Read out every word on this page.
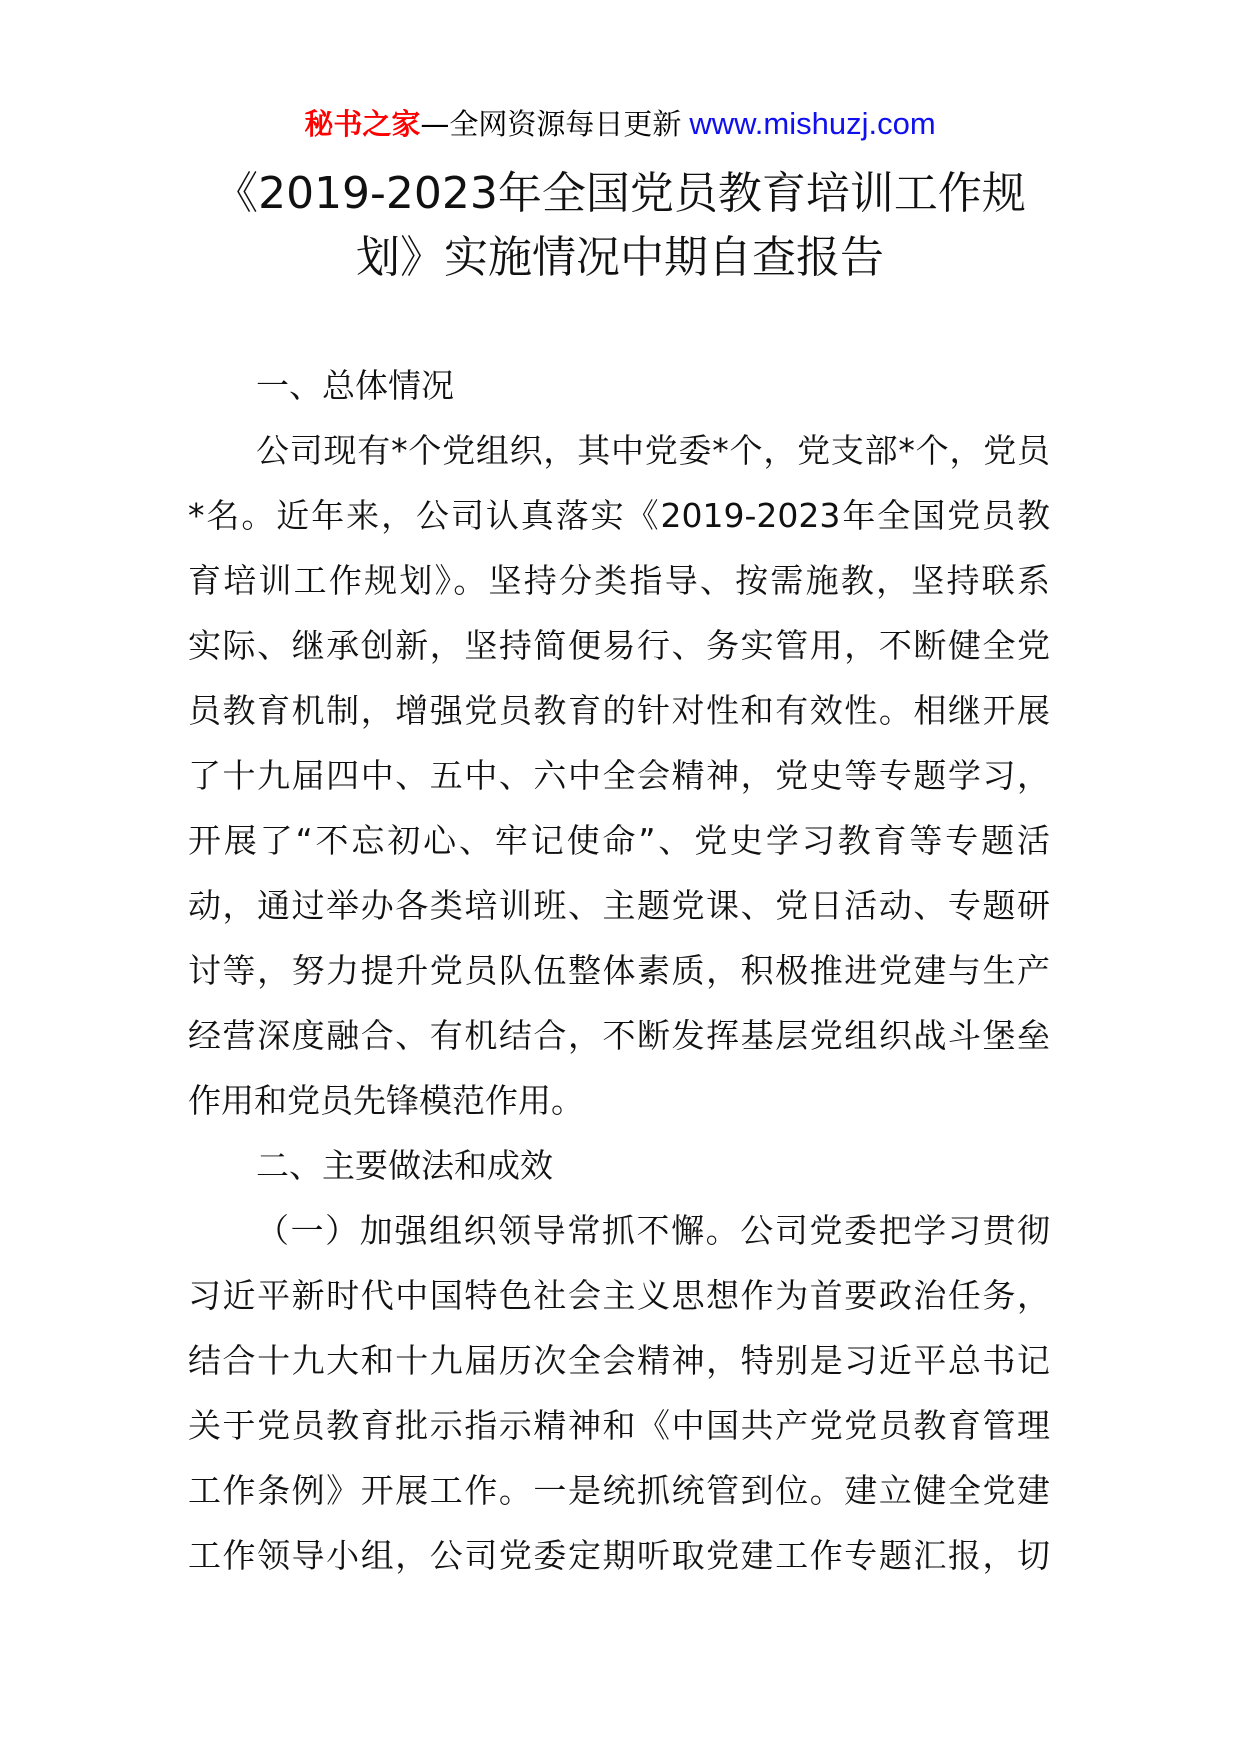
秘书之家—全网资源每日更新 www.mishuzj.com
《2019-2023年全国党员教育培训工作规
划》实施情况中期自查报告
一、总体情况
公司现有*个党组织，其中党委*个，党支部*个，党员
*名。近年来，公司认真落实《2019-2023年全国党员教
育培训工作规划》。坚持分类指导、按需施教，坚持联系
实际、继承创新，坚持简便易行、务实管用，不断健全党
员教育机制，增强党员教育的针对性和有效性。相继开展
了十九届四中、五中、六中全会精神，党史等专题学习，
开展了“不忘初心、牢记使命”、党史学习教育等专题活
动，通过举办各类培训班、主题党课、党日活动、专题研
讨等，努力提升党员队伍整体素质，积极推进党建与生产
经营深度融合、有机结合，不断发挥基层党组织战斗堡垒
作用和党员先锋模范作用。
二、主要做法和成效
（一）加强组织领导常抓不懈。公司党委把学习贯彻
习近平新时代中国特色社会主义思想作为首要政治任务，
结合十九大和十九届历次全会精神，特别是习近平总书记
关于党员教育批示指示精神和《中国共产党党员教育管理
工作条例》开展工作。一是统抓统管到位。建立健全党建
工作领导小组，公司党委定期听取党建工作专题汇报，切
